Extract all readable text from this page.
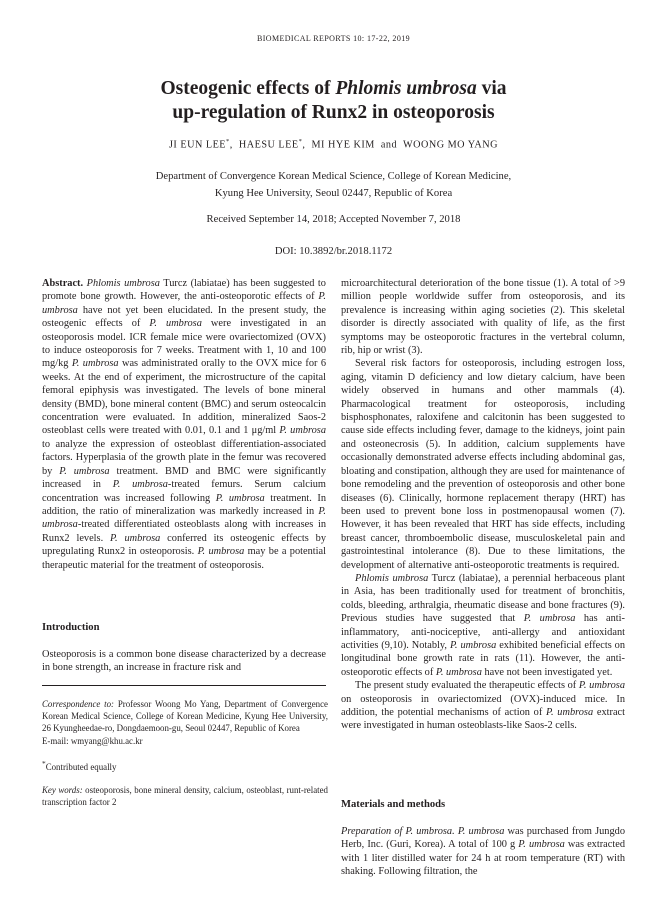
BIOMEDICAL REPORTS 10: 17-22, 2019
Osteogenic effects of Phlomis umbrosa via
up-regulation of Runx2 in osteoporosis
JI EUN LEE*,  HAESU LEE*,  MI HYE KIM and WOONG MO YANG
Department of Convergence Korean Medical Science, College of Korean Medicine,
Kyung Hee University, Seoul 02447, Republic of Korea
Received September 14, 2018; Accepted November 7, 2018
DOI: 10.3892/br.2018.1172

Abstract. Phlomis umbrosa Turcz (labiatae) has been suggested to promote bone growth. However, the anti-osteoporotic effects of P. umbrosa have not yet been elucidated. In the present study, the osteogenic effects of P. umbrosa were investigated in an osteoporosis model. ICR female mice were ovariectomized (OVX) to induce osteoporosis for 7 weeks. Treatment with 1, 10 and 100 mg/kg P. umbrosa was administrated orally to the OVX mice for 6 weeks. At the end of experiment, the microstructure of the capital femoral epiphysis was investigated. The levels of bone mineral density (BMD), bone mineral content (BMC) and serum osteocalcin concentration were evaluated. In addition, mineralized Saos-2 osteoblast cells were treated with 0.01, 0.1 and 1 μg/ml P. umbrosa to analyze the expression of osteoblast differentiation-associated factors. Hyperplasia of the growth plate in the femur was recovered by P. umbrosa treatment. BMD and BMC were significantly increased in P. umbrosa-treated femurs. Serum calcium concentration was increased following P. umbrosa treatment. In addition, the ratio of mineralization was markedly increased in P. umbrosa-treated differentiated osteoblasts along with increases in Runx2 levels. P. umbrosa conferred its osteogenic effects by upregulating Runx2 in osteoporosis. P. umbrosa may be a potential therapeutic material for the treatment of osteoporosis.

Introduction

Osteoporosis is a common bone disease characterized by a decrease in bone strength, an increase in fracture risk and

Correspondence to: Professor Woong Mo Yang, Department of Convergence Korean Medical Science, College of Korean Medicine, Kyung Hee University, 26 Kyungheedae-ro, Dongdaemoon-gu, Seoul 02447, Republic of Korea

E-mail: wmyang@khu.ac.kr

*Contributed equally

Key words: osteoporosis, bone mineral density, calcium, osteoblast, runt-related transcription factor 2

microarchitectural deterioration of the bone tissue (1). A total of >9 million people worldwide suffer from osteoporosis, and its prevalence is increasing within aging societies (2). This skeletal disorder is directly associated with quality of life, as the first symptoms may be osteoporotic fractures in the vertebral column, rib, hip or wrist (3).

Several risk factors for osteoporosis, including estrogen loss, aging, vitamin D deficiency and low dietary calcium, have been widely observed in humans and other mammals (4). Pharmacological treatment for osteoporosis, including bisphosphonates, raloxifene and calcitonin has been suggested to cause side effects including fever, damage to the kidneys, joint pain and osteonecrosis (5). In addition, calcium supplements have occasionally demonstrated adverse effects including abdominal gas, bloating and constipation, although they are used for maintenance of bone remodeling and the prevention of osteoporosis and other bone diseases (6). Clinically, hormone replacement therapy (HRT) has been used to prevent bone loss in postmenopausal women (7). However, it has been revealed that HRT has side effects, including breast cancer, thromboembolic disease, musculoskeletal pain and gastrointestinal intolerance (8). Due to these limitations, the development of alternative anti-osteoporotic treatments is required.

Phlomis umbrosa Turcz (labiatae), a perennial herbaceous plant in Asia, has been traditionally used for treatment of bronchitis, colds, bleeding, arthralgia, rheumatic disease and bone fractures (9). Previous studies have suggested that P. umbrosa has anti-inflammatory, anti-nociceptive, anti-allergy and antioxidant activities (9,10). Notably, P. umbrosa exhibited beneficial effects on longitudinal bone growth rate in rats (11). However, the anti-osteoporotic effects of P. umbrosa have not been investigated yet.

The present study evaluated the therapeutic effects of P. umbrosa on osteoporosis in ovariectomized (OVX)-induced mice. In addition, the potential mechanisms of action of P. umbrosa extract were investigated in human osteoblasts-like Saos-2 cells.

Materials and methods

Preparation of P. umbrosa. P. umbrosa was purchased from Jungdo Herb, Inc. (Guri, Korea). A total of 100 g P. umbrosa was extracted with 1 liter distilled water for 24 h at room temperature (RT) with shaking. Following filtration, the
